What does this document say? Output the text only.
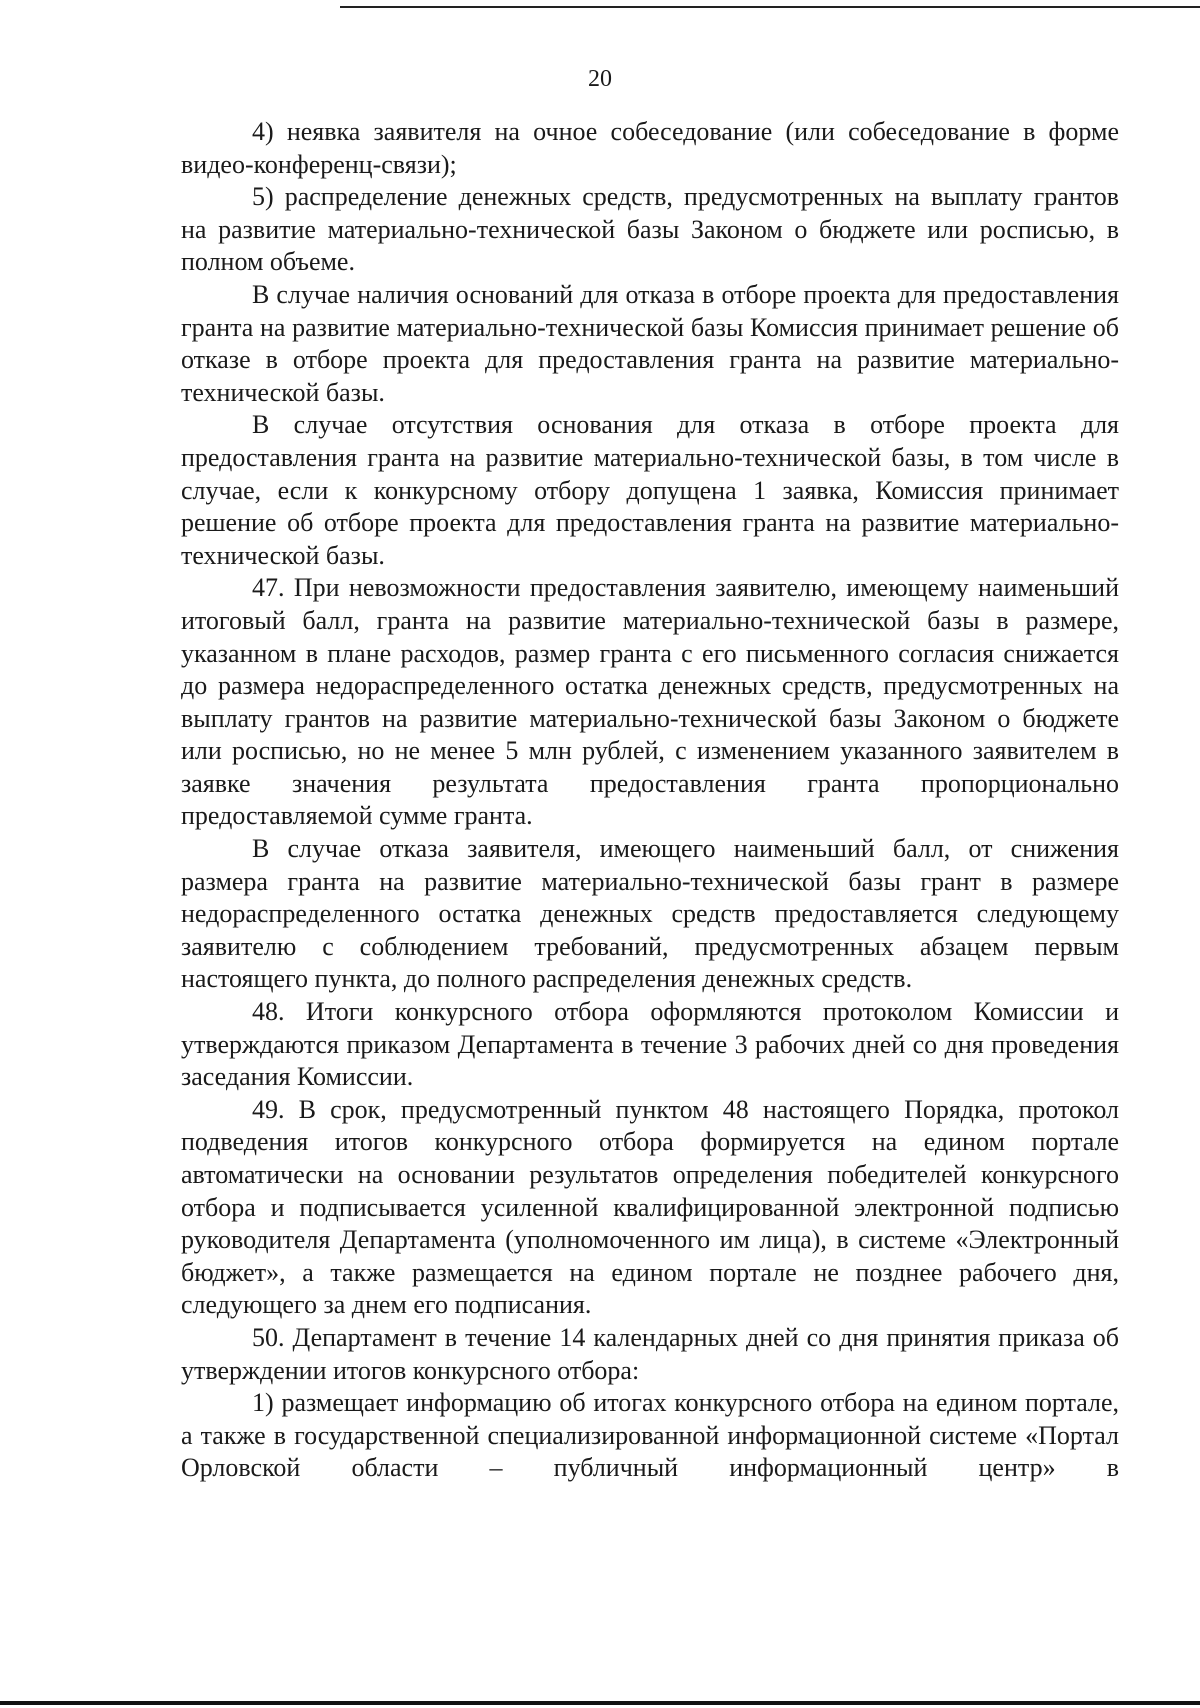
20

4) неявка заявителя на очное собеседование (или собеседование в форме видео-конференц-связи);

5) распределение денежных средств, предусмотренных на выплату грантов на развитие материально-технической базы Законом о бюджете или росписью, в полном объеме.

В случае наличия оснований для отказа в отборе проекта для предоставления гранта на развитие материально-технической базы Комиссия принимает решение об отказе в отборе проекта для предоставления гранта на развитие материально-технической базы.

В случае отсутствия основания для отказа в отборе проекта для предоставления гранта на развитие материально-технической базы, в том числе в случае, если к конкурсному отбору допущена 1 заявка, Комиссия принимает решение об отборе проекта для предоставления гранта на развитие материально-технической базы.

47. При невозможности предоставления заявителю, имеющему наименьший итоговый балл, гранта на развитие материально-технической базы в размере, указанном в плане расходов, размер гранта с его письменного согласия снижается до размера недораспределенного остатка денежных средств, предусмотренных на выплату грантов на развитие материально-технической базы Законом о бюджете или росписью, но не менее 5 млн рублей, с изменением указанного заявителем в заявке значения результата предоставления гранта пропорционально предоставляемой сумме гранта.

В случае отказа заявителя, имеющего наименьший балл, от снижения размера гранта на развитие материально-технической базы грант в размере недораспределенного остатка денежных средств предоставляется следующему заявителю с соблюдением требований, предусмотренных абзацем первым настоящего пункта, до полного распределения денежных средств.

48. Итоги конкурсного отбора оформляются протоколом Комиссии и утверждаются приказом Департамента в течение 3 рабочих дней со дня проведения заседания Комиссии.

49. В срок, предусмотренный пунктом 48 настоящего Порядка, протокол подведения итогов конкурсного отбора формируется на едином портале автоматически на основании результатов определения победителей конкурсного отбора и подписывается усиленной квалифицированной электронной подписью руководителя Департамента (уполномоченного им лица), в системе «Электронный бюджет», а также размещается на едином портале не позднее рабочего дня, следующего за днем его подписания.

50. Департамент в течение 14 календарных дней со дня принятия приказа об утверждении итогов конкурсного отбора:

1) размещает информацию об итогах конкурсного отбора на едином портале, а также в государственной специализированной информационной системе «Портал Орловской области – публичный информационный центр» в
